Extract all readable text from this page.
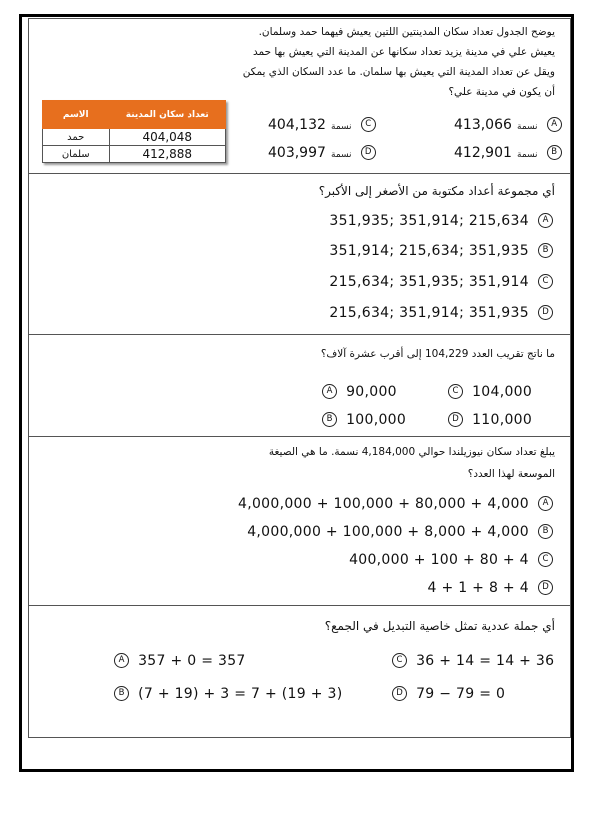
يوضح الجدول تعداد سكان المدينتين اللتين يعيش فيهما حمد وسلمان.
يعيش علي في مدينة يزيد تعداد سكانها عن المدينة التي يعيش بها حمد
ويقل عن تعداد المدينة التي يعيش بها سلمان. ما عدد السكان الذي يمكن
أن يكون في مدينة علي؟
تعداد سكان المدينة	الاسم
404,048	حمد
412,888	سلمان
نسمة 413,066	A
نسمة 404,132	C
نسمة 412,901	B
نسمة 403,997	D
أي مجموعة أعداد مكتوبة من الأصغر إلى الأكبر؟
351,935; 351,914; 215,634 A
351,914; 215,634; 351,935 B
215,634; 351,935; 351,914 C
215,634; 351,914; 351,935 D
ما ناتج تقريب العدد 104,229 إلى أقرب عشرة آلاف؟
A 90,000	C 104,000
B 100,000	D 110,000
يبلغ تعداد سكان نيوزيلندا حوالي 4,184,000 نسمة. ما هي الصيغة
الموسعة لهذا العدد؟
4,000,000 + 100,000 + 80,000 + 4,000 A
4,000,000 + 100,000 + 8,000 + 4,000 B
400,000 + 100 + 80 + 4 C
4 + 1 + 8 + 4 D
أي جملة عددية تمثل خاصية التبديل في الجمع؟
A 357 + 0 = 357	C 36 + 14 = 14 + 36
B (7 + 19) + 3 = 7 + (19 + 3)	D 79 − 79 = 0
